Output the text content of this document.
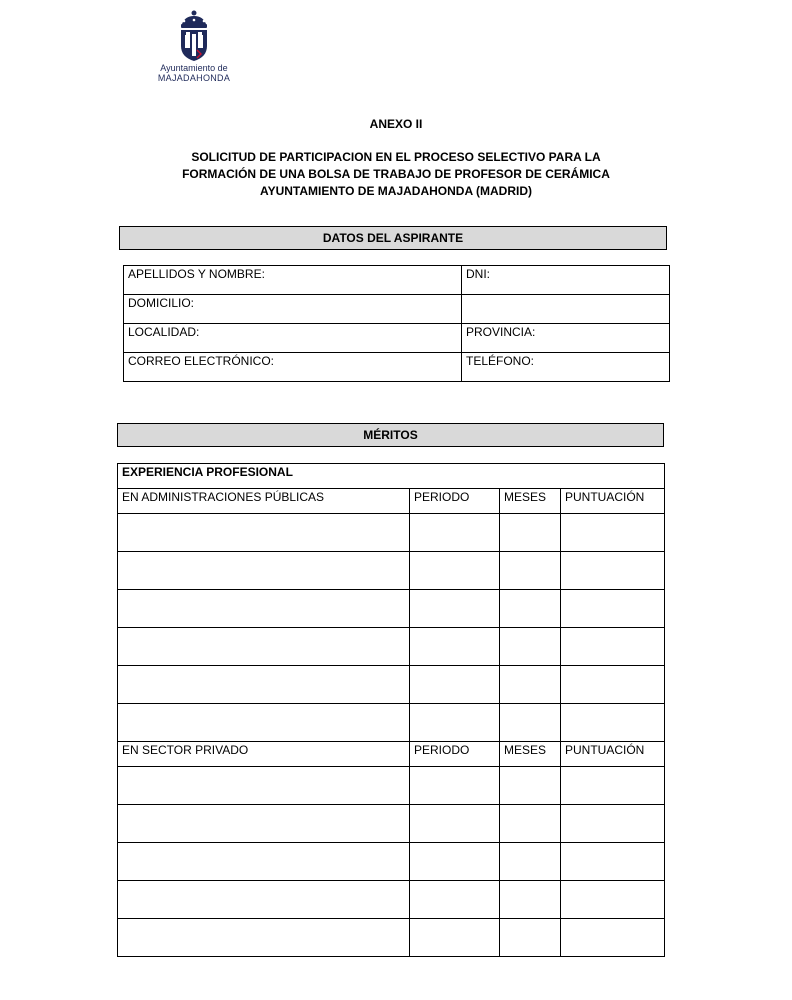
Ayuntamiento de
MAJADAHONDA
ANEXO II
SOLICITUD DE PARTICIPACION EN EL PROCESO SELECTIVO PARA LA
FORMACIÓN DE UNA BOLSA DE TRABAJO DE PROFESOR DE CERÁMICA
AYUNTAMIENTO DE MAJADAHONDA (MADRID)
DATOS DEL ASPIRANTE
APELLIDOS Y NOMBRE:	DNI:
DOMICILIO:	
LOCALIDAD:	PROVINCIA:
CORREO ELECTRÓNICO:	TELÉFONO:
MÉRITOS
EXPERIENCIA PROFESIONAL			
EN ADMINISTRACIONES PÚBLICAS	PERIODO	MESES	PUNTUACIÓN

EN SECTOR PRIVADO	PERIODO	MESES	PUNTUACIÓN
